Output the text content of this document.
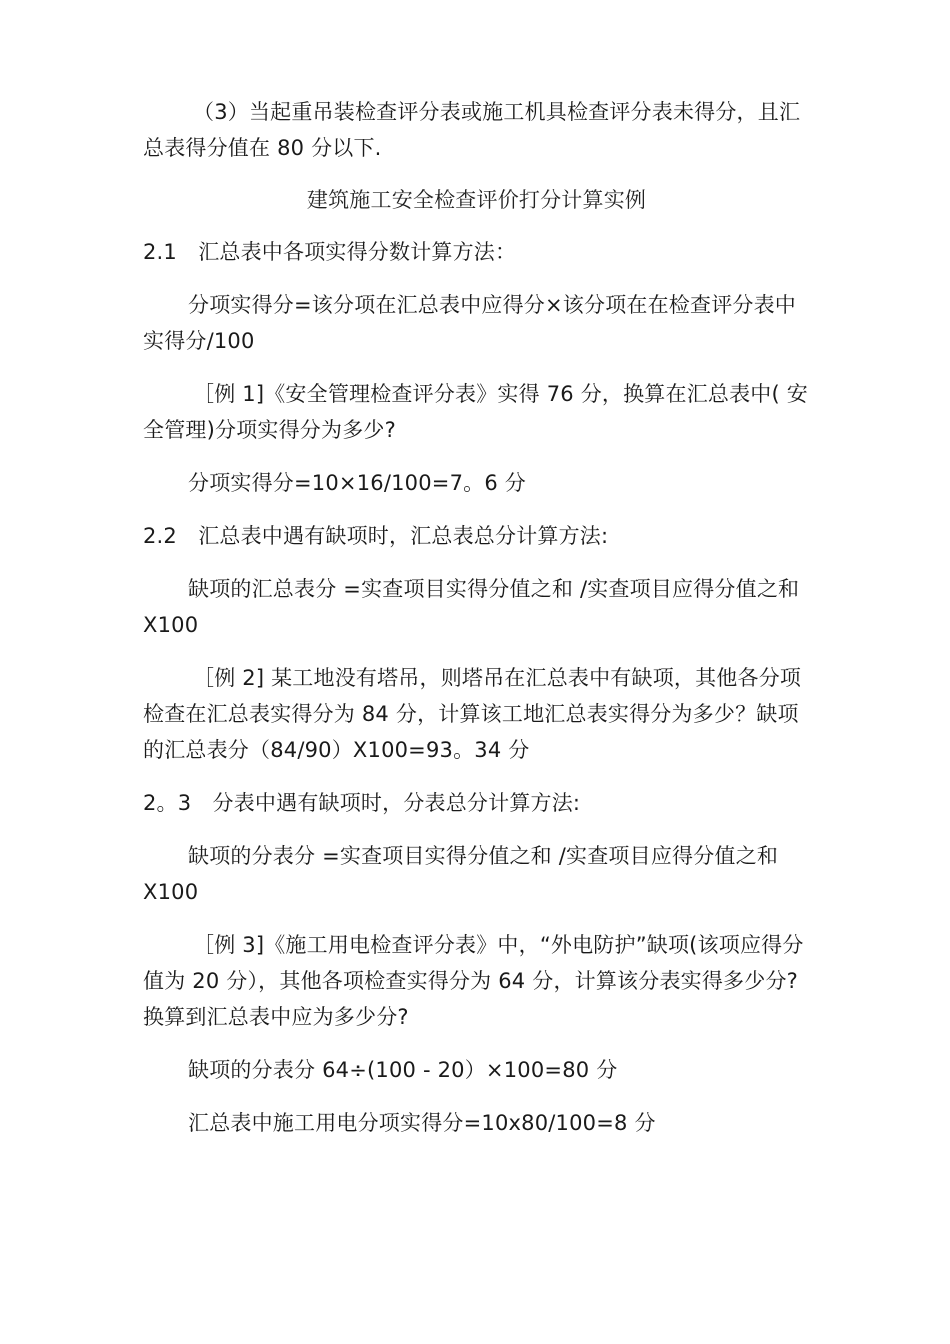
（3）当起重吊装检查评分表或施工机具检查评分表未得分，且汇总表得分值在 80 分以下.

建筑施工安全检查评价打分计算实例

2.1　汇总表中各项实得分数计算方法：

分项实得分=该分项在汇总表中应得分×该分项在在检查评分表中实得分/100

［例 1]《安全管理检查评分表》实得 76 分，换算在汇总表中( 安全管理)分项实得分为多少?

分项实得分=10×16/100=7。6 分

2.2　汇总表中遇有缺项时，汇总表总分计算方法:

缺项的汇总表分 =实查项目实得分值之和 /实查项目应得分值之和 X100

［例 2] 某工地没有塔吊，则塔吊在汇总表中有缺项，其他各分项检查在汇总表实得分为 84 分，计算该工地汇总表实得分为多少？缺项的汇总表分（84/90）X100=93。34 分

2。3　分表中遇有缺项时，分表总分计算方法:

缺项的分表分 =实查项目实得分值之和 /实查项目应得分值之和 X100

［例 3]《施工用电检查评分表》中，“外电防护”缺项(该项应得分值为 20 分），其他各项检查实得分为 64 分，计算该分表实得多少分?换算到汇总表中应为多少分?

缺项的分表分 64÷(100 - 20）×100=80 分

汇总表中施工用电分项实得分=10x80/100=8 分
